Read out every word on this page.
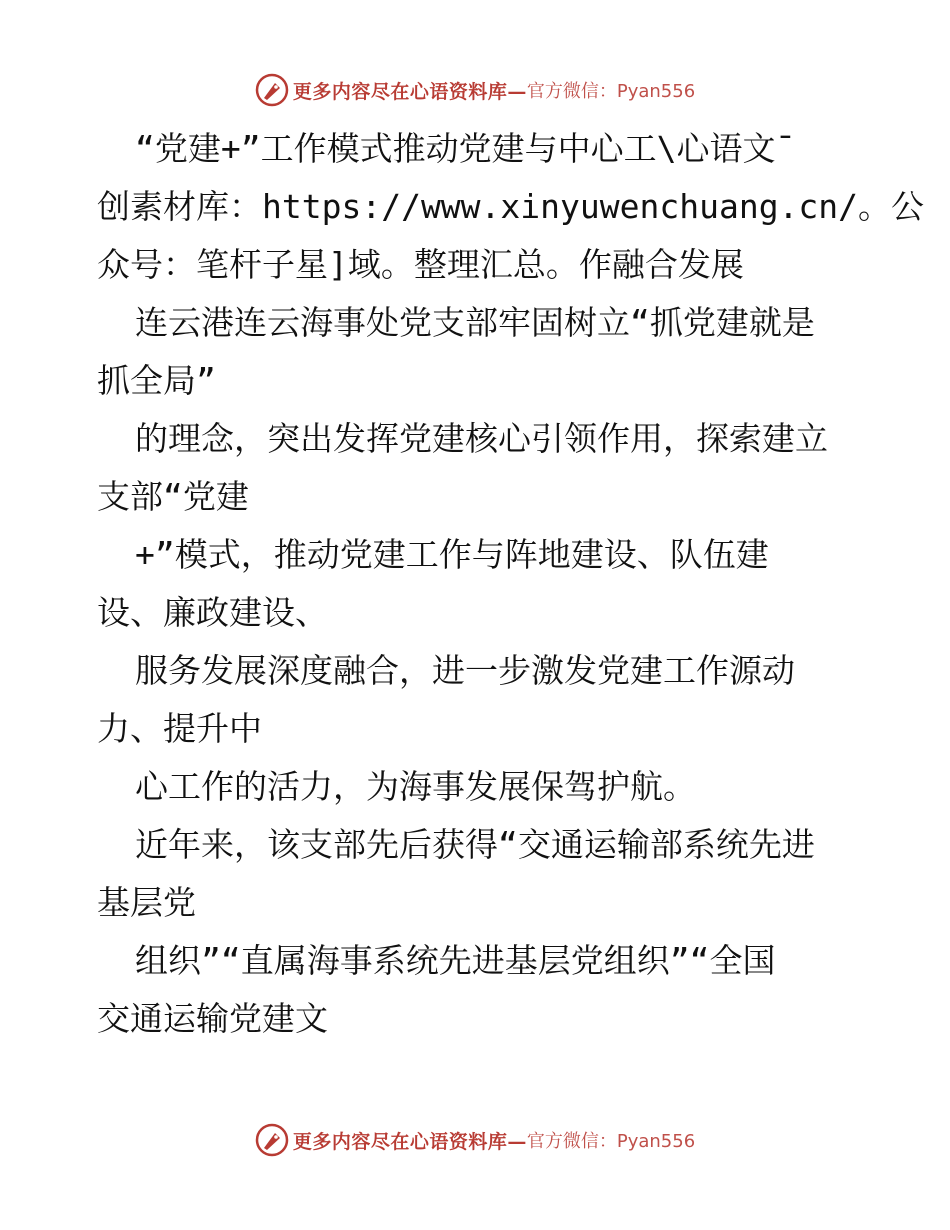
更多内容尽在心语资料库— 官方微信：Pyan556
“党建+”工作模式推动党建与中心工\心语文¯
创素材库：https://www.xinyuwenchuang.cn/。公
众号：笔杆子星]域。整理汇总。作融合发展
连云港连云海事处党支部牢固树立“抓党建就是
抓全局”
的理念，突出发挥党建核心引领作用，探索建立
支部“党建
+”模式，推动党建工作与阵地建设、队伍建
设、廉政建设、
服务发展深度融合，进一步激发党建工作源动
力、提升中
心工作的活力，为海事发展保驾护航。
近年来，该支部先后获得“交通运输部系统先进
基层党
组织”“直属海事系统先进基层党组织”“全国
交通运输党建文
更多内容尽在心语资料库— 官方微信：Pyan556
